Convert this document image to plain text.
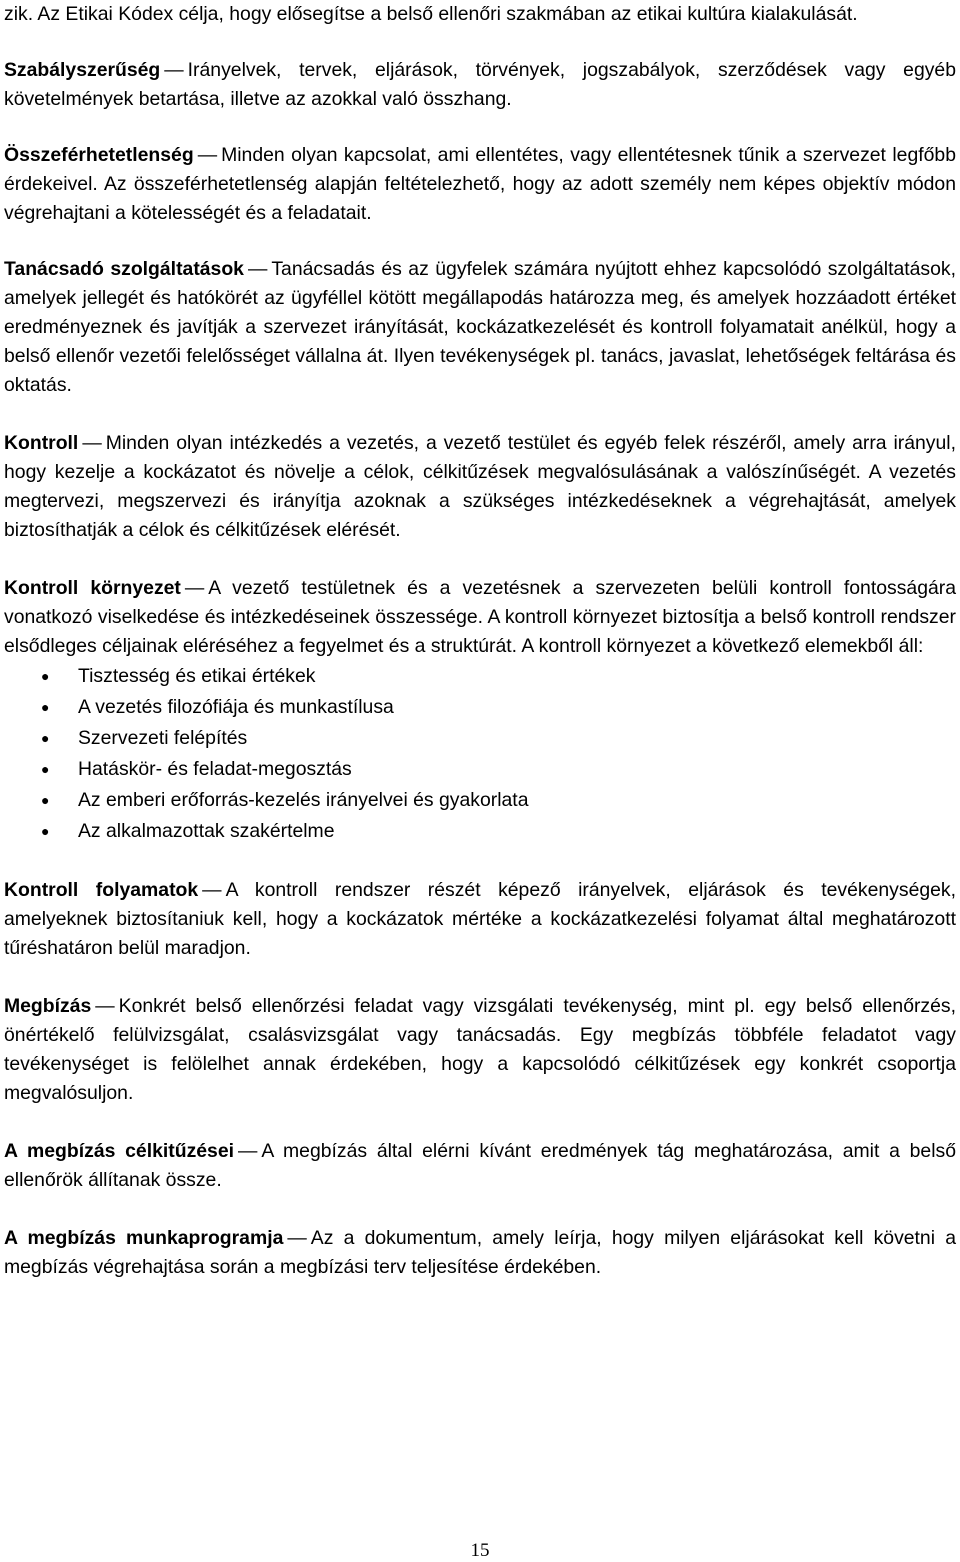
zik. Az Etikai Kódex célja, hogy elősegítse a belső ellenőri szakmában az etikai kultúra kialakulását.

Szabályszerűség — Irányelvek, tervek, eljárások, törvények, jogszabályok, szerződések vagy egyéb követelmények betartása, illetve az azokkal való összhang.

Összeférhetetlenség — Minden olyan kapcsolat, ami ellentétes, vagy ellentétesnek tűnik a szervezet legfőbb érdekeivel. Az összeférhetetlenség alapján feltételezhető, hogy az adott személy nem képes objektív módon végrehajtani a kötelességét és a feladatait.

Tanácsadó szolgáltatások — Tanácsadás és az ügyfelek számára nyújtott ehhez kapcsolódó szolgáltatások, amelyek jellegét és hatókörét az ügyféllel kötött megállapodás határozza meg, és amelyek hozzáadott értéket eredményeznek és javítják a szervezet irányítását, kockázatkezelését és kontroll folyamatait anélkül, hogy a belső ellenőr vezetői felelősséget vállalna át. Ilyen tevékenységek pl. tanács, javaslat, lehetőségek feltárása és oktatás.

Kontroll — Minden olyan intézkedés a vezetés, a vezető testület és egyéb felek részéről, amely arra irányul, hogy kezelje a kockázatot és növelje a célok, célkitűzések megvalósulásának a valószínűségét. A vezetés megtervezi, megszervezi és irányítja azoknak a szükséges intézkedéseknek a végrehajtását, amelyek biztosíthatják a célok és célkitűzések elérését.

Kontroll környezet — A vezető testületnek és a vezetésnek a szervezeten belüli kontroll fontosságára vonatkozó viselkedése és intézkedéseinek összessége. A kontroll környezet biztosítja a belső kontroll rendszer elsődleges céljainak eléréséhez a fegyelmet és a struktúrát. A kontroll környezet a következő elemekből áll:

● Tisztesség és etikai értékek
● A vezetés filozófiája és munkastílusa
● Szervezeti felépítés
● Hatáskör- és feladat-megosztás
● Az emberi erőforrás-kezelés irányelvei és gyakorlata
● Az alkalmazottak szakértelme

Kontroll folyamatok — A kontroll rendszer részét képező irányelvek, eljárások és tevékenységek, amelyeknek biztosítaniuk kell, hogy a kockázatok mértéke a kockázatkezelési folyamat által meghatározott tűréshatáron belül maradjon.

Megbízás — Konkrét belső ellenőrzési feladat vagy vizsgálati tevékenység, mint pl. egy belső ellenőrzés, önértékelő felülvizsgálat, csalásvizsgálat vagy tanácsadás. Egy megbízás többféle feladatot vagy tevékenységet is felölelhet annak érdekében, hogy a kapcsolódó célkitűzések egy konkrét csoportja megvalósuljon.

A megbízás célkitűzései — A megbízás által elérni kívánt eredmények tág meghatározása, amit a belső ellenőrök állítanak össze.

A megbízás munkaprogramja — Az a dokumentum, amely leírja, hogy milyen eljárásokat kell követni a megbízás végrehajtása során a megbízási terv teljesítése érdekében.

15
